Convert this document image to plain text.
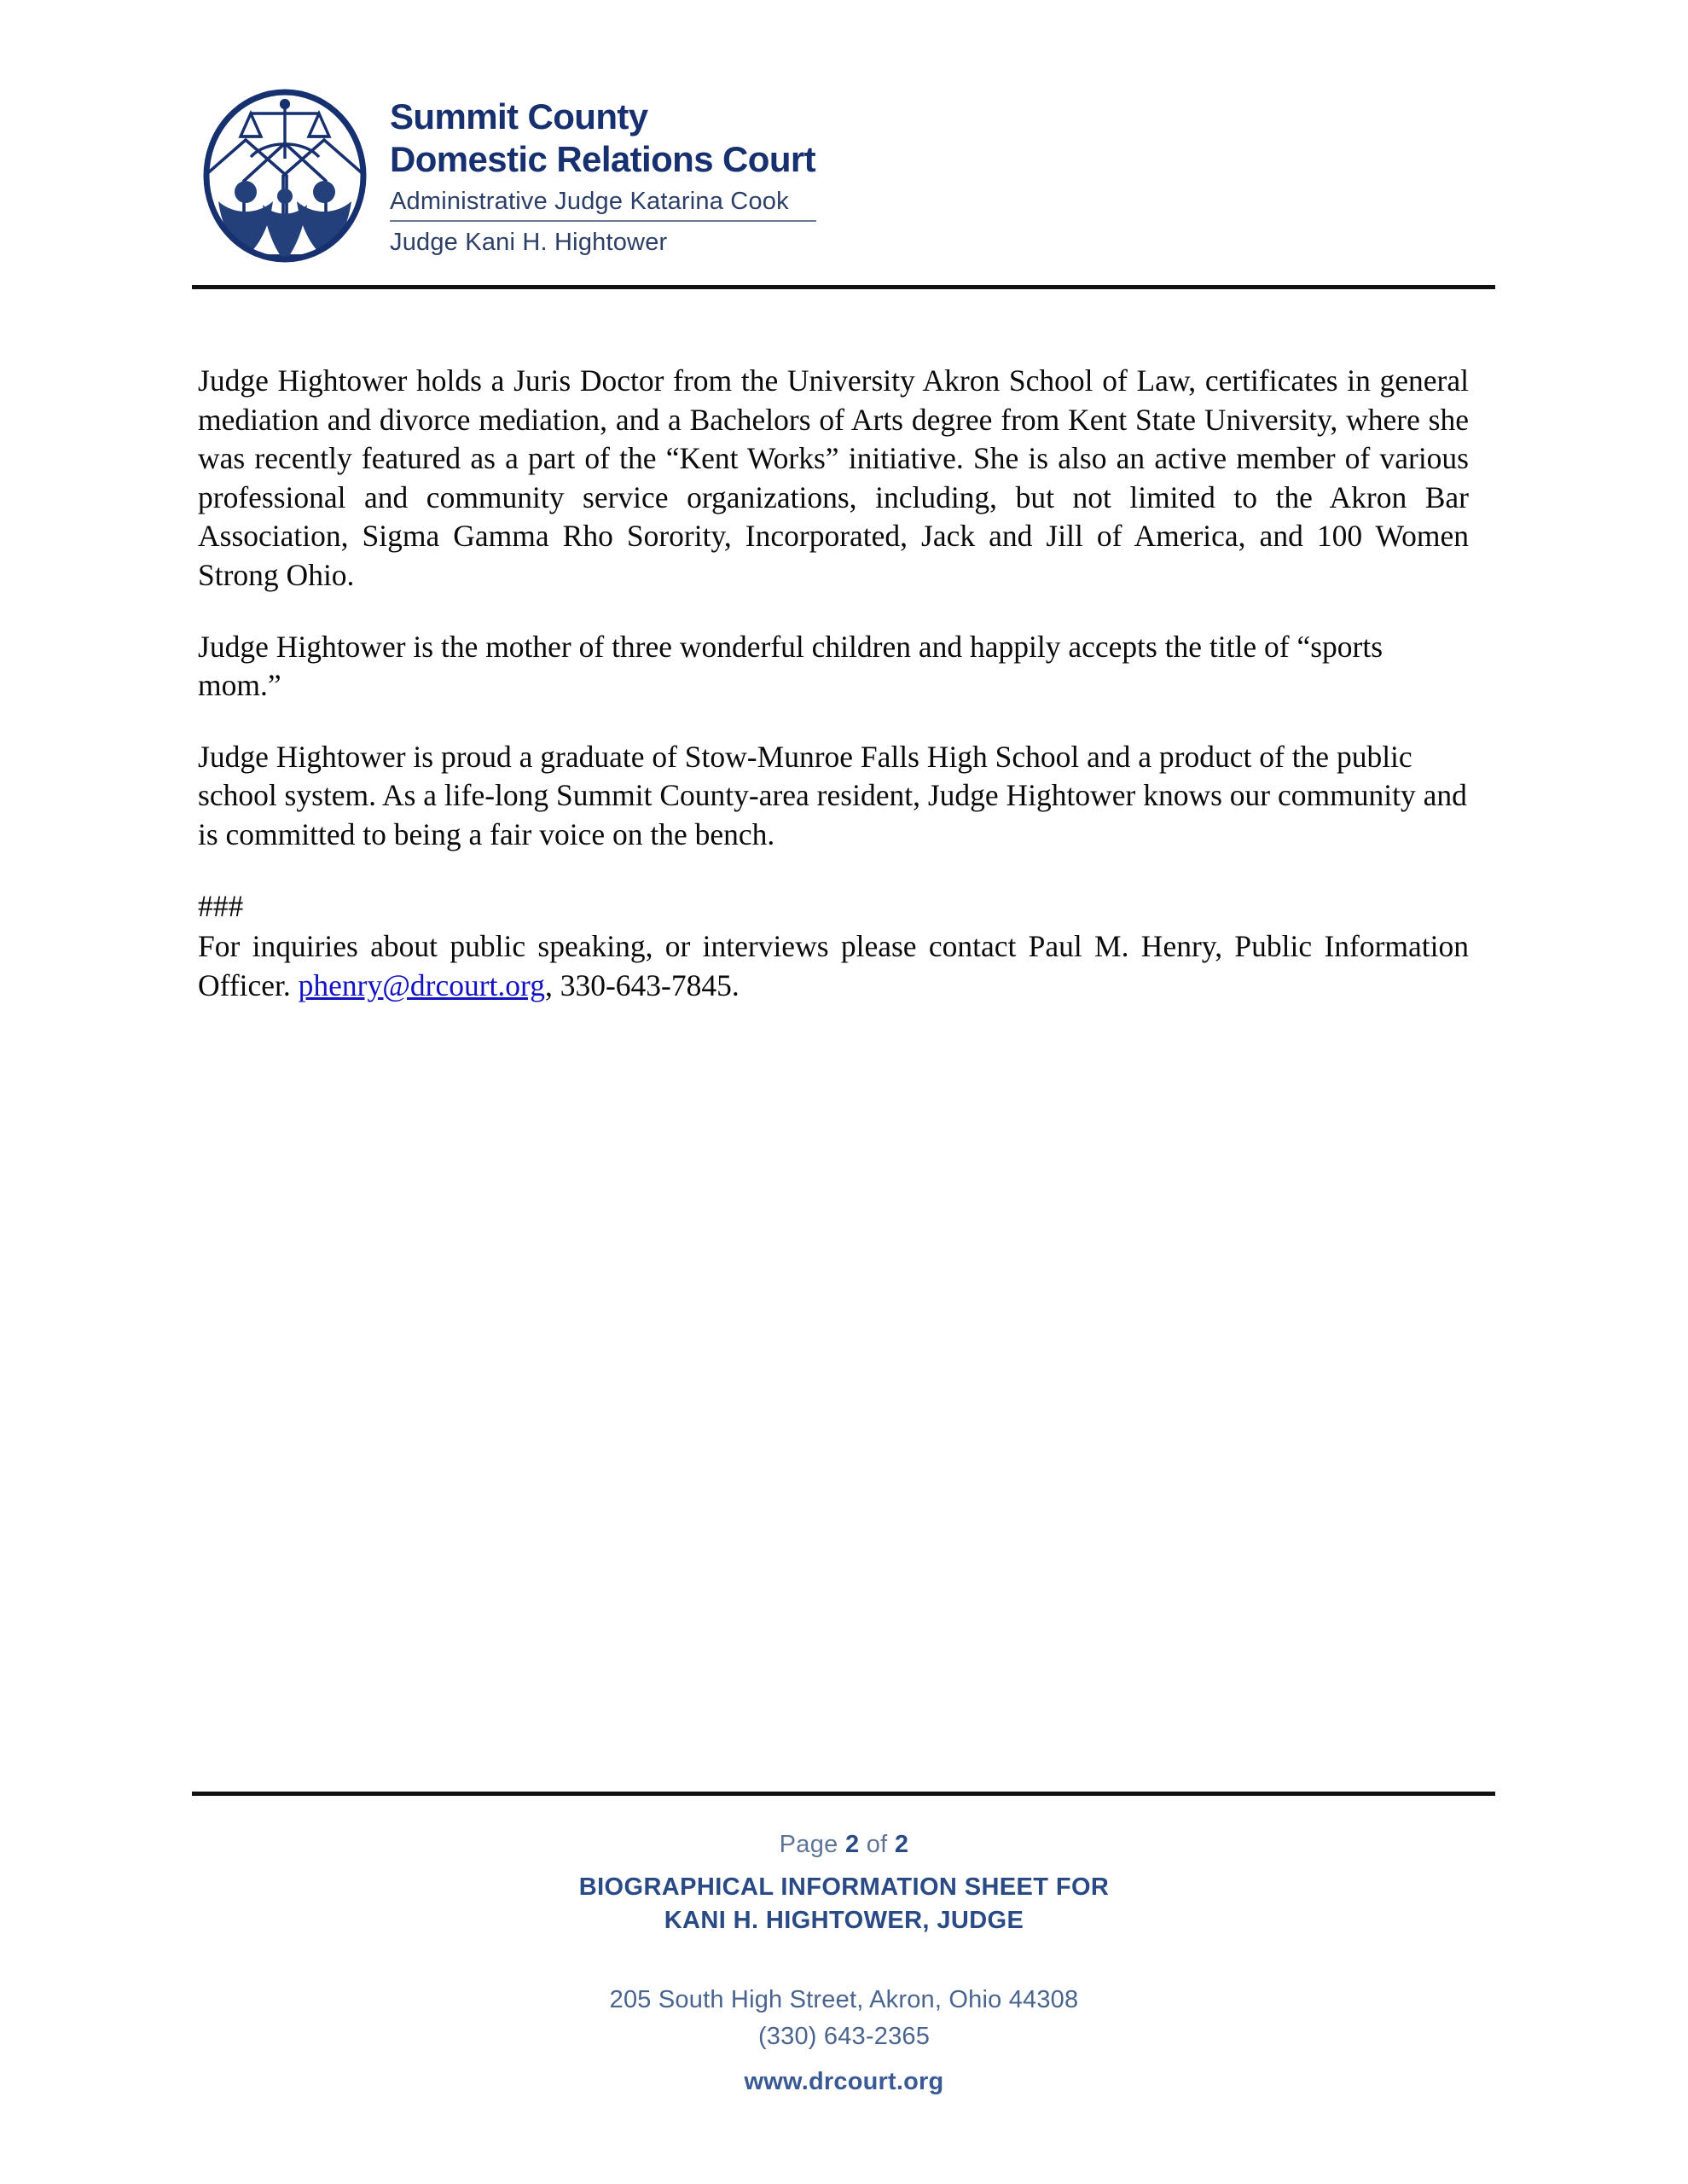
Summit County
Domestic Relations Court
Administrative Judge Katarina Cook
Judge Kani H. Hightower

Judge Hightower holds a Juris Doctor from the University Akron School of Law, certificates in general mediation and divorce mediation, and a Bachelors of Arts degree from Kent State University, where she was recently featured as a part of the “Kent Works” initiative. She is also an active member of various professional and community service organizations, including, but not limited to the Akron Bar Association, Sigma Gamma Rho Sorority, Incorporated, Jack and Jill of America, and 100 Women Strong Ohio.

Judge Hightower is the mother of three wonderful children and happily accepts the title of “sports mom.”

Judge Hightower is proud a graduate of Stow-Munroe Falls High School and a product of the public school system. As a life-long Summit County-area resident, Judge Hightower knows our community and is committed to being a fair voice on the bench.

###

For inquiries about public speaking, or interviews please contact Paul M. Henry, Public Information Officer. phenry@drcourt.org, 330-643-7845.

Page 2 of 2
BIOGRAPHICAL INFORMATION SHEET FOR
KANI H. HIGHTOWER, JUDGE
205 South High Street, Akron, Ohio 44308
(330) 643-2365
www.drcourt.org
